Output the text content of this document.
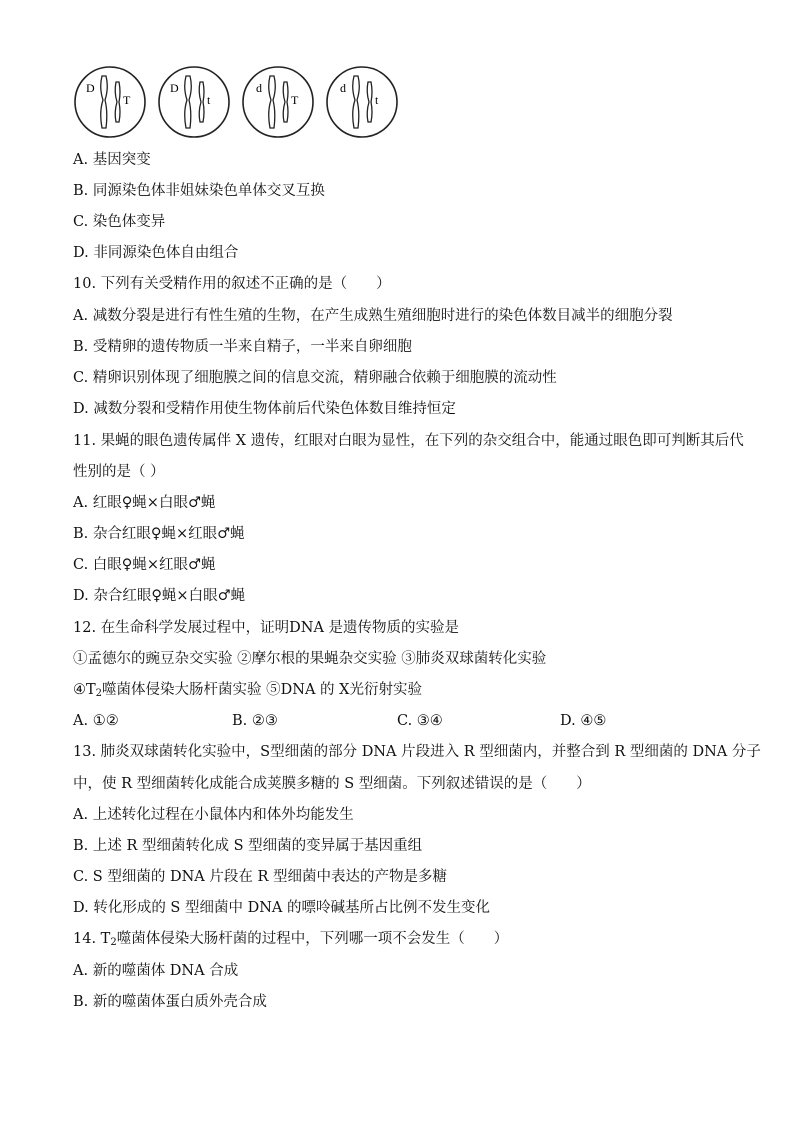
D
T
D
t
d
T
d
t
A. 基因突变
B. 同源染色体非姐妹染色单体交叉互换
C. 染色体变异
D. 非同源染色体自由组合
10. 下列有关受精作用的叙述不正确的是（　　）
A. 减数分裂是进行有性生殖的生物，在产生成熟生殖细胞时进行的染色体数目减半的细胞分裂
B. 受精卵的遗传物质一半来自精子，一半来自卵细胞
C. 精卵识别体现了细胞膜之间的信息交流，精卵融合依赖于细胞膜的流动性
D. 减数分裂和受精作用使生物体前后代染色体数目维持恒定
11. 果蝇的眼色遗传属伴 X 遗传，红眼对白眼为显性，在下列的杂交组合中，能通过眼色即可判断其后代
性别的是（ ）
A. 红眼♀蝇×白眼♂蝇
B. 杂合红眼♀蝇×红眼♂蝇
C. 白眼♀蝇×红眼♂蝇
D. 杂合红眼♀蝇×白眼♂蝇
12. 在生命科学发展过程中，证明DNA 是遗传物质的实验是
①孟德尔的豌豆杂交实验 ②摩尔根的果蝇杂交实验 ③肺炎双球菌转化实验
$④T_2$噬菌体侵染大肠杆菌实验 ⑤DNA 的 X光衍射实验
A. ①②	B. ②③	C. ③④	D. ④⑤
13. 肺炎双球菌转化实验中，S型细菌的部分 DNA 片段进入 R 型细菌内，并整合到 R 型细菌的 DNA 分子
中，使 R 型细菌转化成能合成荚膜多糖的 S 型细菌。下列叙述错误的是（　　）
A. 上述转化过程在小鼠体内和体外均能发生
B. 上述 R 型细菌转化成 S 型细菌的变异属于基因重组
C. S 型细菌的 DNA 片段在 R 型细菌中表达的产物是多糖
D. 转化形成的 S 型细菌中 DNA 的嘌呤碱基所占比例不发生变化
14. $T_2$噬菌体侵染大肠杆菌的过程中，下列哪一项不会发生（　　）
A. 新的噬菌体 DNA 合成
B. 新的噬菌体蛋白质外壳合成
